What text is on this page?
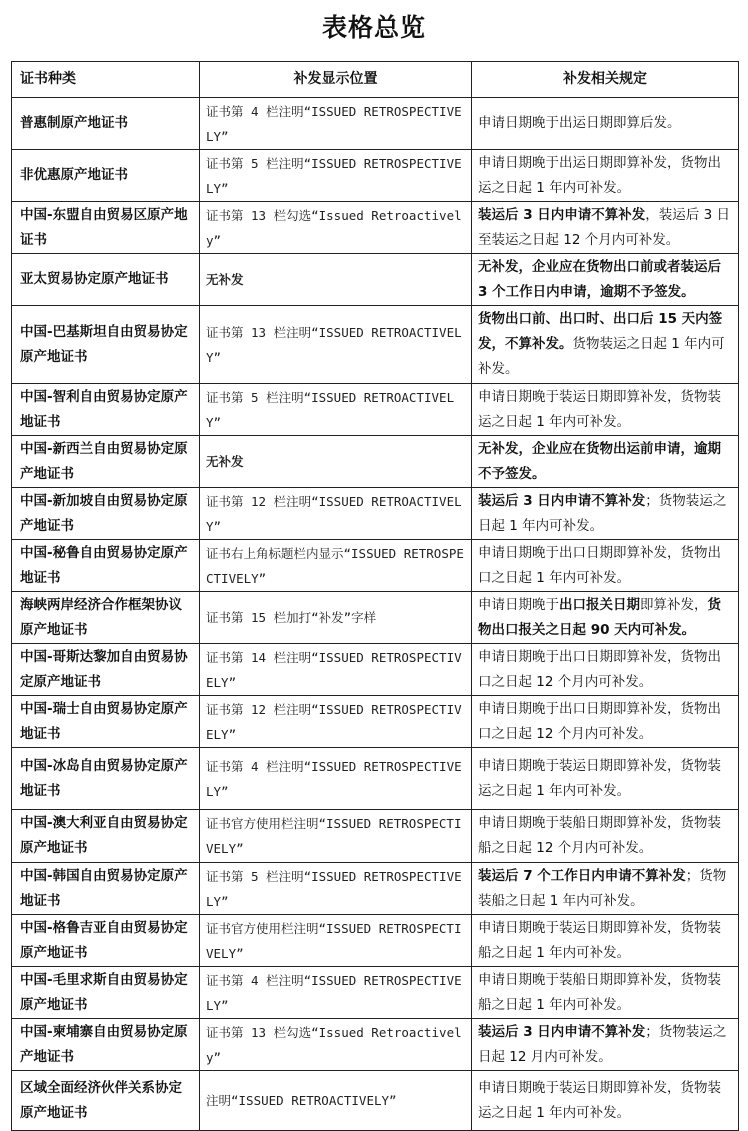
表格总览
证书种类	补发显示位置	补发相关规定
普惠制原产地证书	证书第 4 栏注明“ISSUED RETROSPECTIVELY”	申请日期晚于出运日期即算后发。
非优惠原产地证书	证书第 5 栏注明“ISSUED RETROSPECTIVELY”	申请日期晚于出运日期即算补发，货物出运之日起 1 年内可补发。
中国-东盟自由贸易区原产地证书	证书第 13 栏勾选“Issued Retroactively”	装运后 3 日内申请不算补发，装运后 3 日至装运之日起 12 个月内可补发。
亚太贸易协定原产地证书	无补发	无补发，企业应在货物出口前或者装运后 3 个工作日内申请，逾期不予签发。
中国-巴基斯坦自由贸易协定原产地证书	证书第 13 栏注明“ISSUED RETROACTIVELY”	货物出口前、出口时、出口后 15 天内签发，不算补发。货物装运之日起 1 年内可补发。
中国-智利自由贸易协定原产地证书	证书第 5 栏注明“ISSUED RETROACTIVELY”	申请日期晚于装运日期即算补发，货物装运之日起 1 年内可补发。
中国-新西兰自由贸易协定原产地证书	无补发	无补发，企业应在货物出运前申请，逾期不予签发。
中国-新加坡自由贸易协定原产地证书	证书第 12 栏注明“ISSUED RETROACTIVELY”	装运后 3 日内申请不算补发；货物装运之日起 1 年内可补发。
中国-秘鲁自由贸易协定原产地证书	证书右上角标题栏内显示“ISSUED RETROSPECTIVELY”	申请日期晚于出口日期即算补发，货物出口之日起 1 年内可补发。
海峡两岸经济合作框架协议原产地证书	证书第 15 栏加打“补发”字样	申请日期晚于出口报关日期即算补发，货物出口报关之日起 90 天内可补发。
中国-哥斯达黎加自由贸易协定原产地证书	证书第 14 栏注明“ISSUED RETROSPECTIVELY”	申请日期晚于出口日期即算补发，货物出口之日起 12 个月内可补发。
中国-瑞士自由贸易协定原产地证书	证书第 12 栏注明“ISSUED RETROSPECTIVELY”	申请日期晚于出口日期即算补发，货物出口之日起 12 个月内可补发。
中国-冰岛自由贸易协定原产地证书	证书第 4 栏注明“ISSUED RETROSPECTIVELY”	申请日期晚于装运日期即算补发，货物装运之日起 1 年内可补发。
中国-澳大利亚自由贸易协定原产地证书	证书官方使用栏注明“ISSUED RETROSPECTIVELY”	申请日期晚于装船日期即算补发，货物装船之日起 12 个月内可补发。
中国-韩国自由贸易协定原产地证书	证书第 5 栏注明“ISSUED RETROSPECTIVELY”	装运后 7 个工作日内申请不算补发；货物装船之日起 1 年内可补发。
中国-格鲁吉亚自由贸易协定原产地证书	证书官方使用栏注明“ISSUED RETROSPECTIVELY”	申请日期晚于装运日期即算补发，货物装船之日起 1 年内可补发。
中国-毛里求斯自由贸易协定原产地证书	证书第 4 栏注明“ISSUED RETROSPECTIVELY”	申请日期晚于装船日期即算补发，货物装船之日起 1 年内可补发。
中国-柬埔寨自由贸易协定原产地证书	证书第 13 栏勾选“Issued Retroactively”	装运后 3 日内申请不算补发；货物装运之日起 12 月内可补发。
区域全面经济伙伴关系协定原产地证书	注明“ISSUED RETROACTIVELY”	申请日期晚于装运日期即算补发，货物装运之日起 1 年内可补发。
